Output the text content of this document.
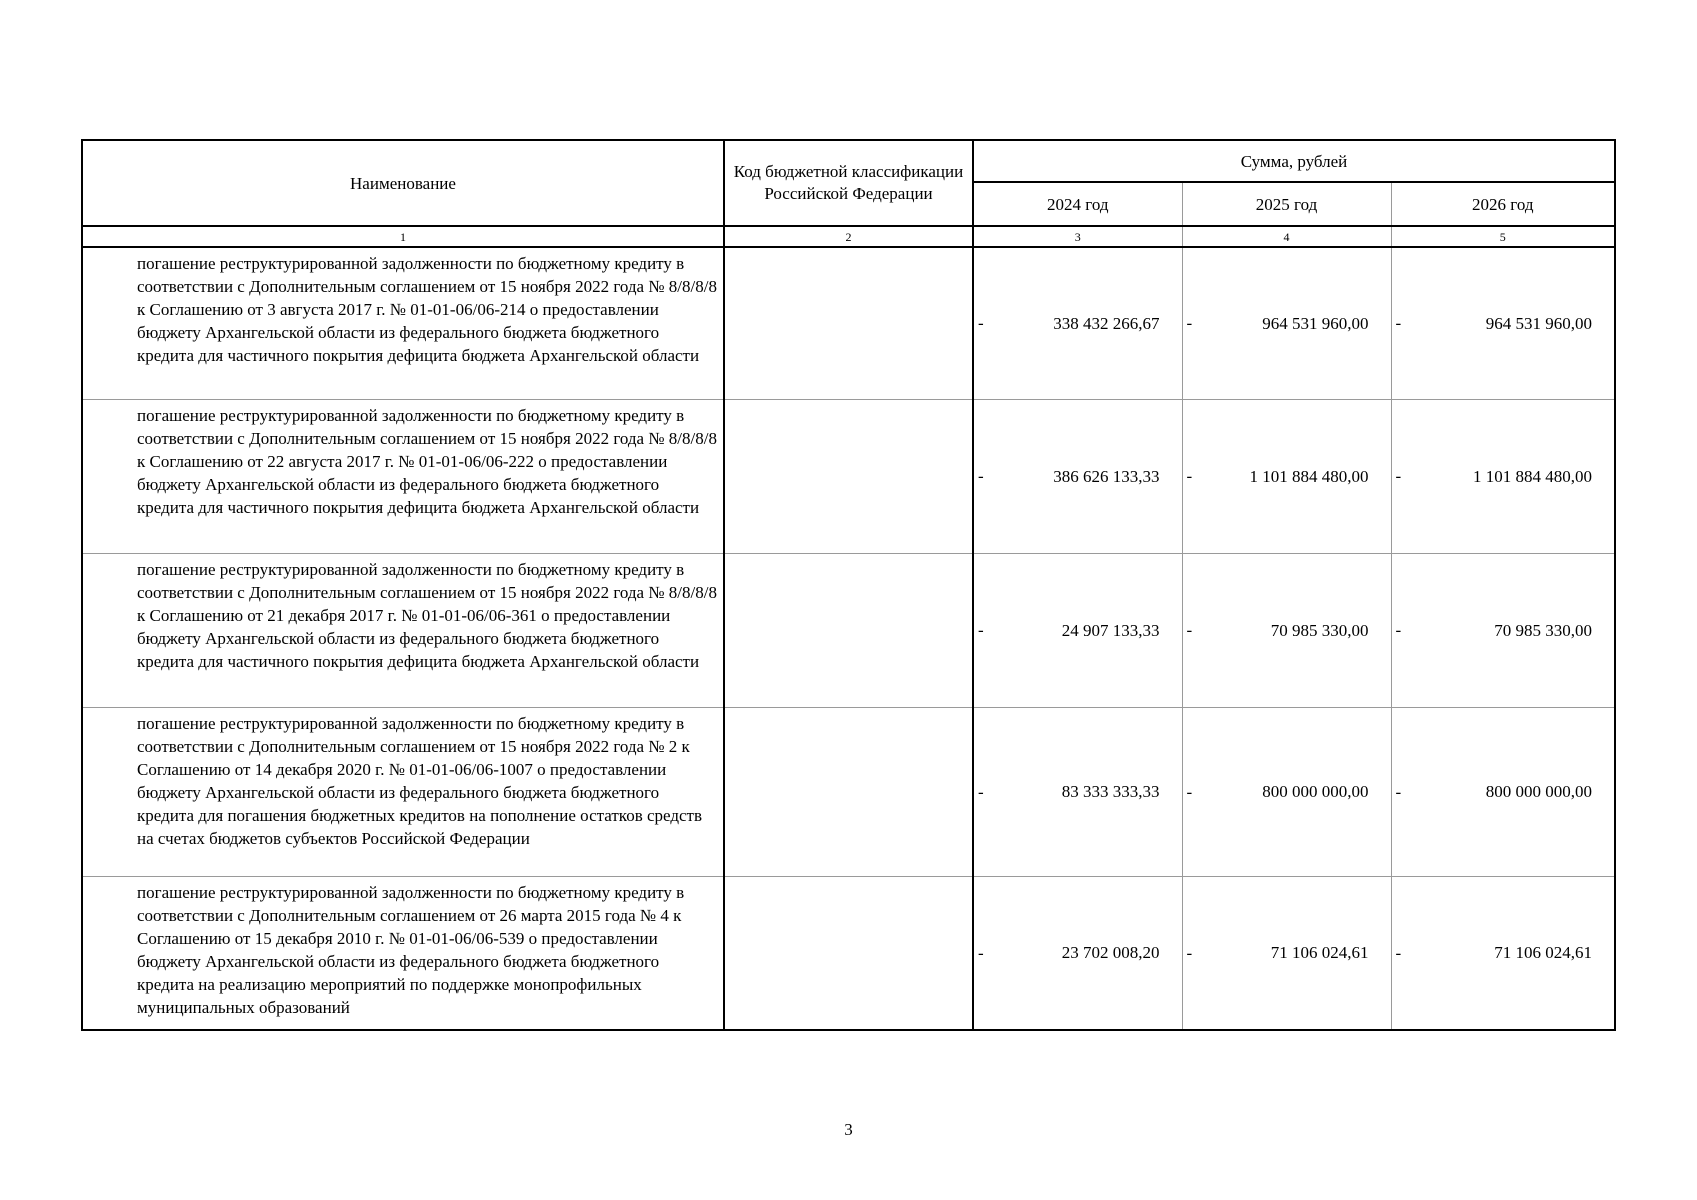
Наименование	Код бюджетной классификации Российской Федерации	Сумма, рублей		
		2024 год	2025 год	2026 год
1	2	3	4	5
погашение реструктурированной задолженности по бюджетному кредиту в соответствии с Дополнительным соглашением от 15 ноября 2022 года № 8/8/8/8 к Соглашению от 3 августа 2017 г. № 01-01-06/06-214 о предоставлении бюджету Архангельской области из федерального бюджета бюджетного кредита для частичного покрытия дефицита бюджета Архангельской области		- 338 432 266,67	- 964 531 960,00	- 964 531 960,00

погашение реструктурированной задолженности по бюджетному кредиту в соответствии с Дополнительным соглашением от 15 ноября 2022 года № 8/8/8/8 к Соглашению от 22 августа 2017 г. № 01-01-06/06-222 о предоставлении бюджету Архангельской области из федерального бюджета бюджетного кредита для частичного покрытия дефицита бюджета Архангельской области		- 386 626 133,33	- 1 101 884 480,00	- 1 101 884 480,00

погашение реструктурированной задолженности по бюджетному кредиту в соответствии с Дополнительным соглашением от 15 ноября 2022 года № 8/8/8/8 к Соглашению от 21 декабря 2017 г. № 01-01-06/06-361 о предоставлении бюджету Архангельской области из федерального бюджета бюджетного кредита для частичного покрытия дефицита бюджета Архангельской области		- 24 907 133,33	- 70 985 330,00	- 70 985 330,00

погашение реструктурированной задолженности по бюджетному кредиту в соответствии с Дополнительным соглашением от 15 ноября 2022 года № 2 к Соглашению от 14 декабря 2020 г. № 01-01-06/06-1007 о предоставлении бюджету Архангельской области из федерального бюджета бюджетного кредита для погашения бюджетных кредитов на пополнение остатков средств на счетах бюджетов субъектов Российской Федерации		- 83 333 333,33	- 800 000 000,00	- 800 000 000,00

погашение реструктурированной задолженности по бюджетному кредиту в соответствии с Дополнительным соглашением от 26 марта 2015 года № 4 к Соглашению от 15 декабря 2010 г. № 01-01-06/06-539 о предоставлении бюджету Архангельской области из федерального бюджета бюджетного кредита на реализацию мероприятий по поддержке монопрофильных муниципальных образований		- 23 702 008,20	- 71 106 024,61	- 71 106 024,61
3
